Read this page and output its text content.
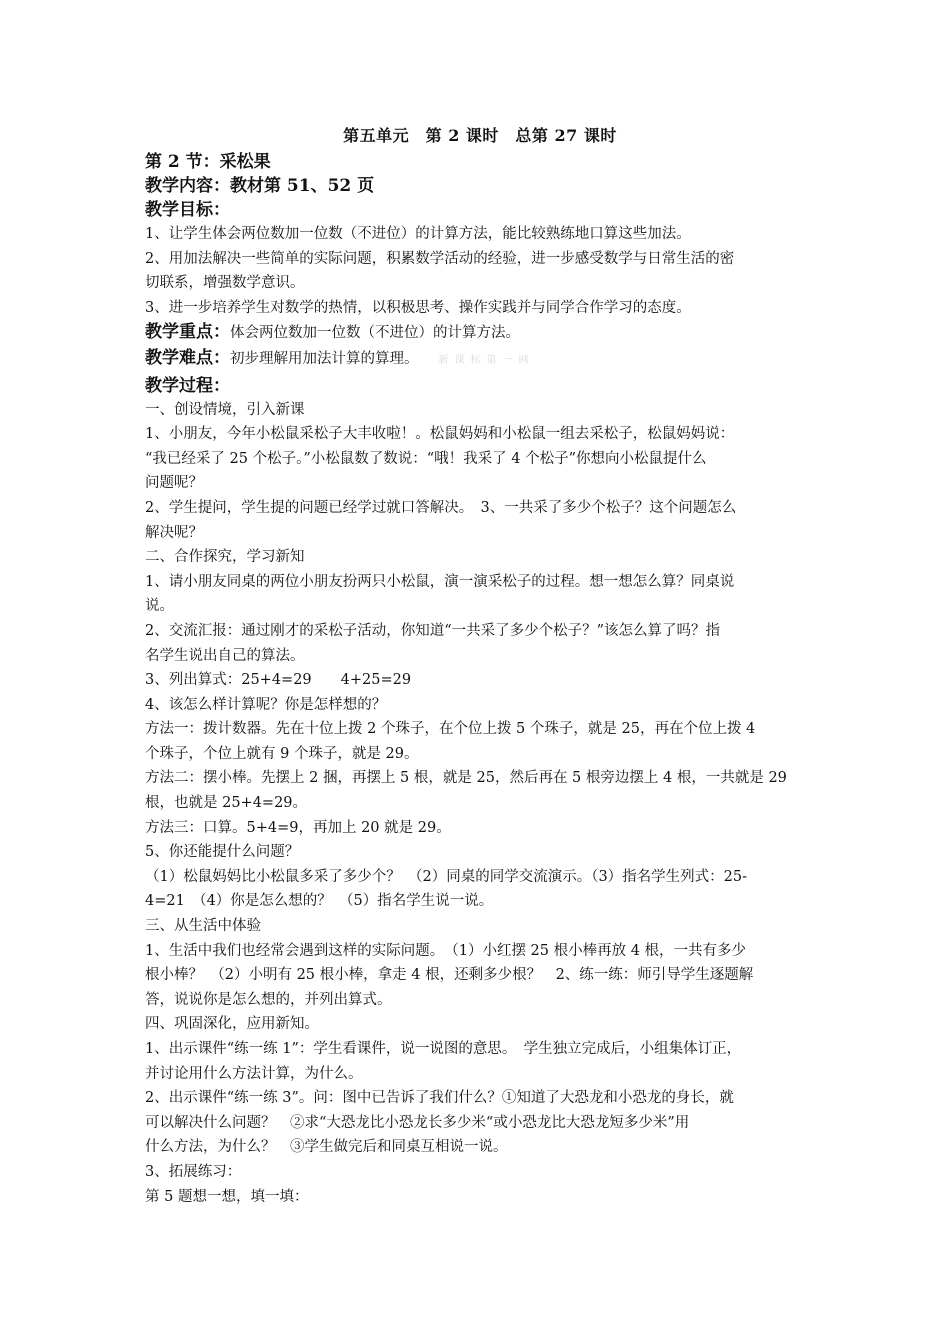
第五单元　第 2 课时　总第 27 课时
第 2 节：采松果
教学内容：教材第 51、52 页
教学目标：
1、让学生体会两位数加一位数（不进位）的计算方法，能比较熟练地口算这些加法。
2、用加法解决一些简单的实际问题，积累数学活动的经验，进一步感受数学与日常生活的密
切联系，增强数学意识。
3、进一步培养学生对数学的热情，以积极思考、操作实践并与同学合作学习的态度。
教学重点：体会两位数加一位数（不进位）的计算方法。
教学难点：初步理解用加法计算的算理。 新课标第一网
教学过程：
一、创设情境，引入新课
1、小朋友，今年小松鼠采松子大丰收啦！。松鼠妈妈和小松鼠一组去采松子，松鼠妈妈说：
“我已经采了 25 个松子。”小松鼠数了数说：“哦！我采了 4 个松子”你想向小松鼠提什么
问题呢？
2、学生提问，学生提的问题已经学过就口答解决。　3、一共采了多少个松子？这个问题怎么
解决呢？
二、合作探究，学习新知
1、请小朋友同桌的两位小朋友扮两只小松鼠，演一演采松子的过程。想一想怎么算？同桌说
说。
2、交流汇报：通过刚才的采松子活动，你知道“一共采了多少个松子？”该怎么算了吗？指
名学生说出自己的算法。
3、列出算式：25+4=29　　4+25=29
4、该怎么样计算呢？你是怎样想的？
方法一：拨计数器。先在十位上拨 2 个珠子，在个位上拨 5 个珠子，就是 25，再在个位上拨 4
个珠子，个位上就有 9 个珠子，就是 29。
方法二：摆小棒。先摆上 2 捆，再摆上 5 根，就是 25，然后再在 5 根旁边摆上 4 根，一共就是 29
根，也就是 25+4=29。
方法三：口算。5+4=9，再加上 20 就是 29。
5、你还能提什么问题？
（1）松鼠妈妈比小松鼠多采了多少个？　（2）同桌的同学交流演示。（3）指名学生列式：25-
4=21　（4）你是怎么想的？　（5）指名学生说一说。
三、从生活中体验
1、生活中我们也经常会遇到这样的实际问题。　（1）小红摆 25 根小棒再放 4 根，一共有多少
根小棒？　（2）小明有 25 根小棒，拿走 4 根，还剩多少根？　2、练一练：师引导学生逐题解
答，说说你是怎么想的，并列出算式。
四、巩固深化，应用新知。
1、出示课件“练一练 1”：学生看课件，说一说图的意思。　学生独立完成后，小组集体订正，
并讨论用什么方法计算，为什么。
2、出示课件“练一练 3”。问：图中已告诉了我们什么？①知道了大恐龙和小恐龙的身长，就
可以解决什么问题？　②求“大恐龙比小恐龙长多少米“或小恐龙比大恐龙短多少米”用
什么方法，为什么？　③学生做完后和同桌互相说一说。
3、拓展练习：
第 5 题想一想，填一填：
